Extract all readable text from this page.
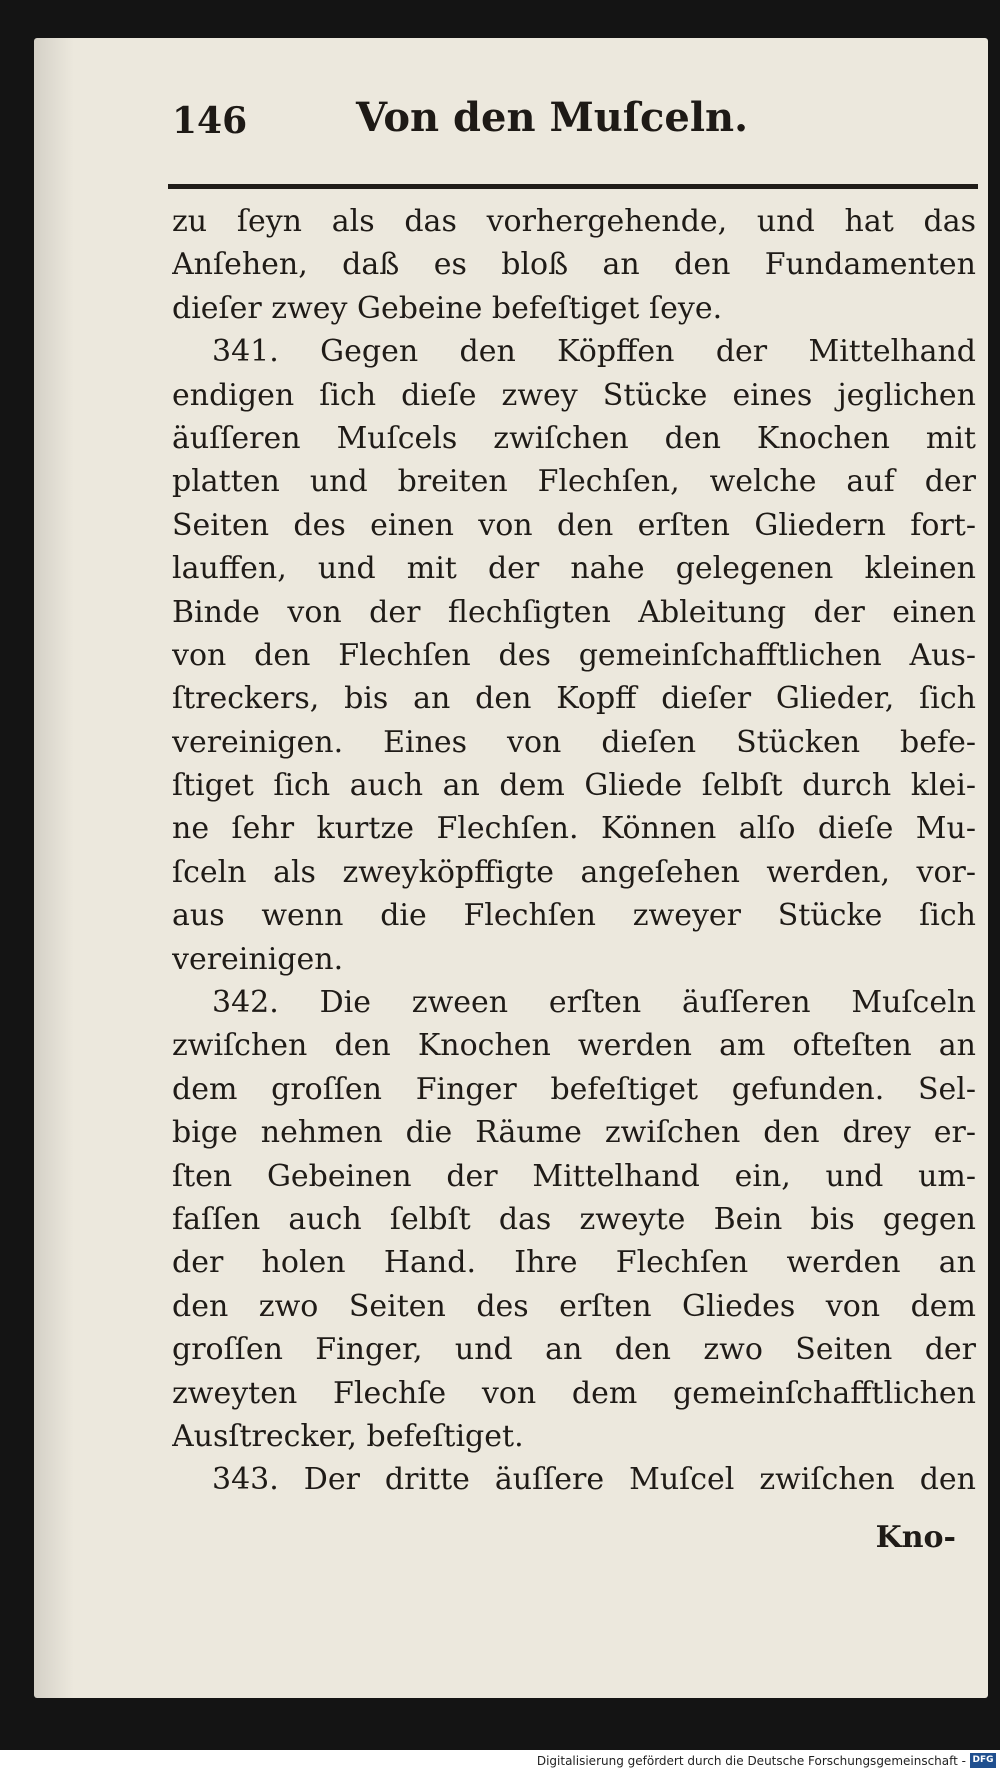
146	Von den Muſceln.
zu ſeyn als das vorhergehende, und hat das
Anſehen, daß es bloß an den Fundamenten
dieſer zwey Gebeine befeſtiget ſeye.
341. Gegen den Köpffen der Mittelhand
endigen ſich dieſe zwey Stücke eines jeglichen
äuſſeren Muſcels zwiſchen den Knochen mit
platten und breiten Flechſen, welche auf der
Seiten des einen von den erſten Gliedern fort-
lauffen, und mit der nahe gelegenen kleinen
Binde von der flechſigten Ableitung der einen
von den Flechſen des gemeinſchafftlichen Aus-
ſtreckers, bis an den Kopff dieſer Glieder, ſich
vereinigen. Eines von dieſen Stücken befe-
ſtiget ſich auch an dem Gliede ſelbſt durch klei-
ne ſehr kurtze Flechſen. Können alſo dieſe Mu-
ſceln als zweyköpffigte angeſehen werden, vor-
aus wenn die Flechſen zweyer Stücke ſich
vereinigen.
342. Die zween erſten äuſſeren Muſceln
zwiſchen den Knochen werden am ofteſten an
dem groſſen Finger befeſtiget gefunden. Sel-
bige nehmen die Räume zwiſchen den drey er-
ſten Gebeinen der Mittelhand ein, und um-
faſſen auch ſelbſt das zweyte Bein bis gegen
der holen Hand. Ihre Flechſen werden an
den zwo Seiten des erſten Gliedes von dem
groſſen Finger, und an den zwo Seiten der
zweyten Flechſe von dem gemeinſchafftlichen
Ausſtrecker, befeſtiget.
343. Der dritte äuſſere Muſcel zwiſchen den
Kno-
Digitalisierung gefördert durch die Deutsche Forschungsgemeinschaft - DFG
